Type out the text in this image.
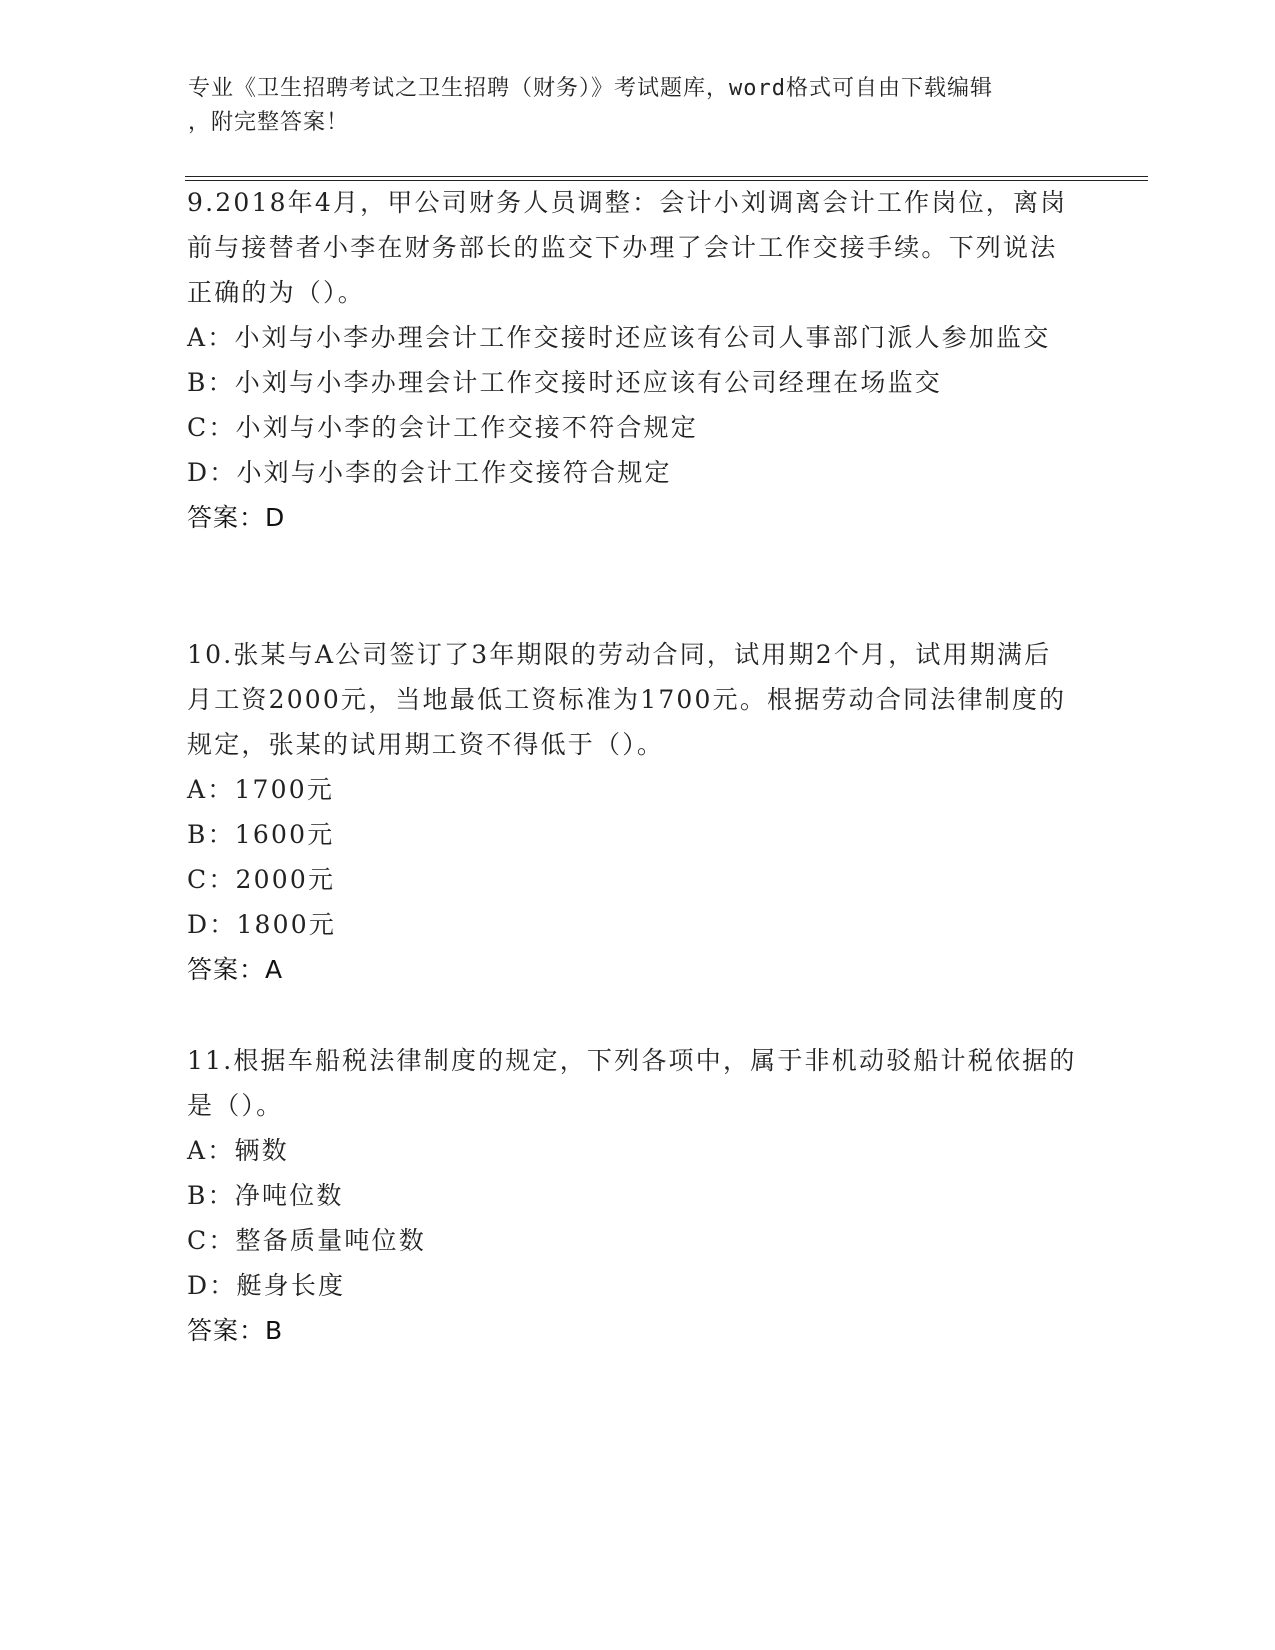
专业《卫生招聘考试之卫生招聘（财务）》考试题库，word格式可自由下载编辑
，附完整答案！
9.2018年4月，甲公司财务人员调整：会计小刘调离会计工作岗位，离岗前与接替者小李在财务部长的监交下办理了会计工作交接手续。下列说法正确的为（）。
A：小刘与小李办理会计工作交接时还应该有公司人事部门派人参加监交
B：小刘与小李办理会计工作交接时还应该有公司经理在场监交
C：小刘与小李的会计工作交接不符合规定
D：小刘与小李的会计工作交接符合规定
答案：D
10.张某与A公司签订了3年期限的劳动合同，试用期2个月，试用期满后月工资2000元，当地最低工资标准为1700元。根据劳动合同法律制度的规定，张某的试用期工资不得低于（）。
A：1700元
B：1600元
C：2000元
D：1800元
答案：A
11.根据车船税法律制度的规定，下列各项中，属于非机动驳船计税依据的是（）。
A：辆数
B：净吨位数
C：整备质量吨位数
D：艇身长度
答案：B
